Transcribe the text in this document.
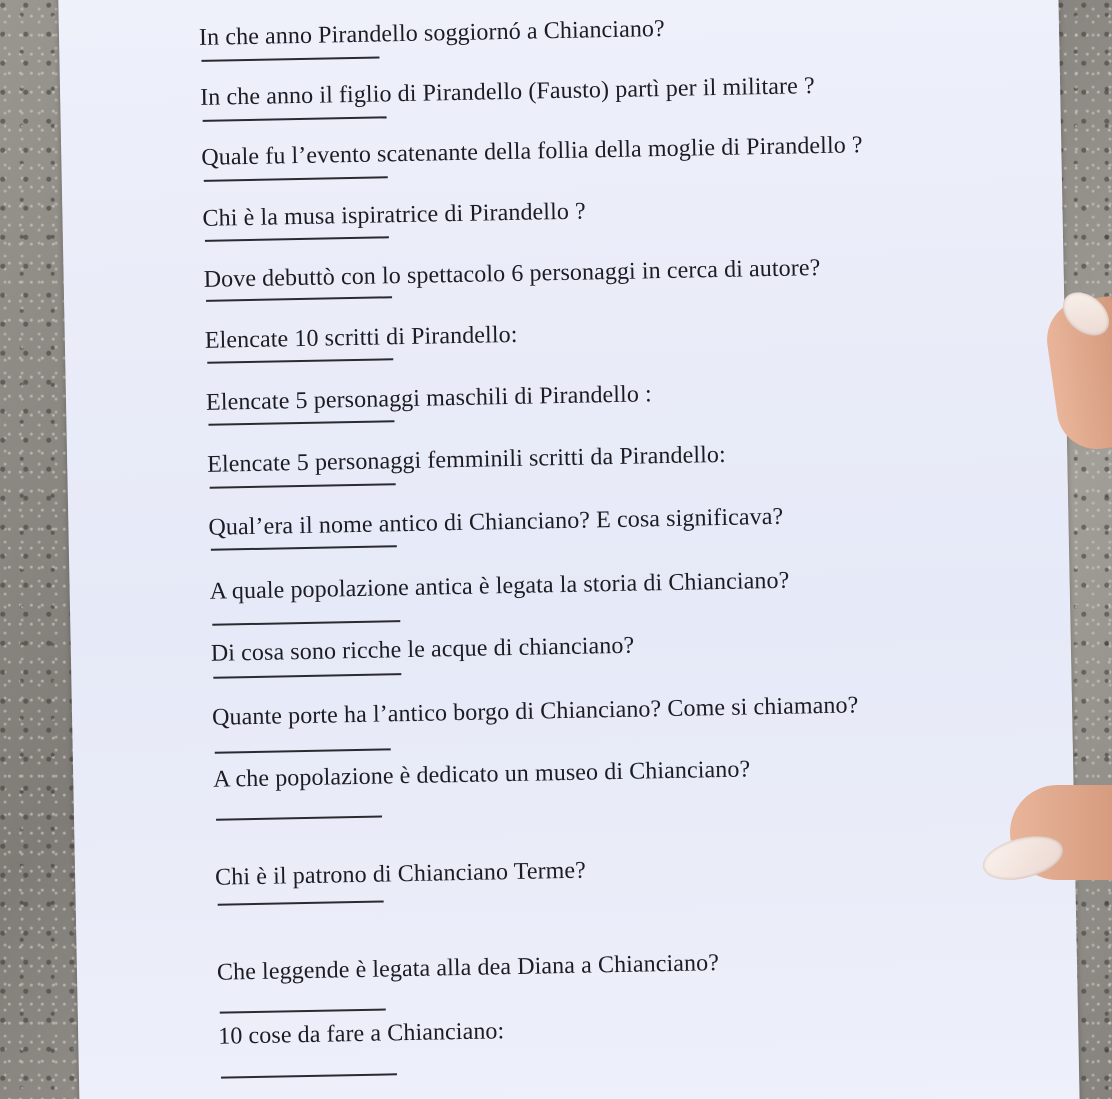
In che anno Pirandello soggiornó a Chianciano?
In che anno il figlio di Pirandello (Fausto) partì per il militare ?
Quale fu l’evento scatenante della follia della moglie di Pirandello ?
Chi è la musa ispiratrice di Pirandello ?
Dove debuttò con lo spettacolo 6 personaggi in cerca di autore?
Elencate 10 scritti di Pirandello:
Elencate 5 personaggi maschili di Pirandello :
Elencate 5 personaggi femminili scritti da Pirandello:
Qual’era il nome antico di Chianciano? E cosa significava?
A quale popolazione antica è legata la storia di Chianciano?
Di cosa sono ricche le acque di chianciano?
Quante porte ha l’antico borgo di Chianciano? Come si chiamano?
A che popolazione è dedicato un museo di Chianciano?
Chi è il patrono di Chianciano Terme?
Che leggende è legata alla dea Diana a Chianciano?
10 cose da fare a Chianciano:
